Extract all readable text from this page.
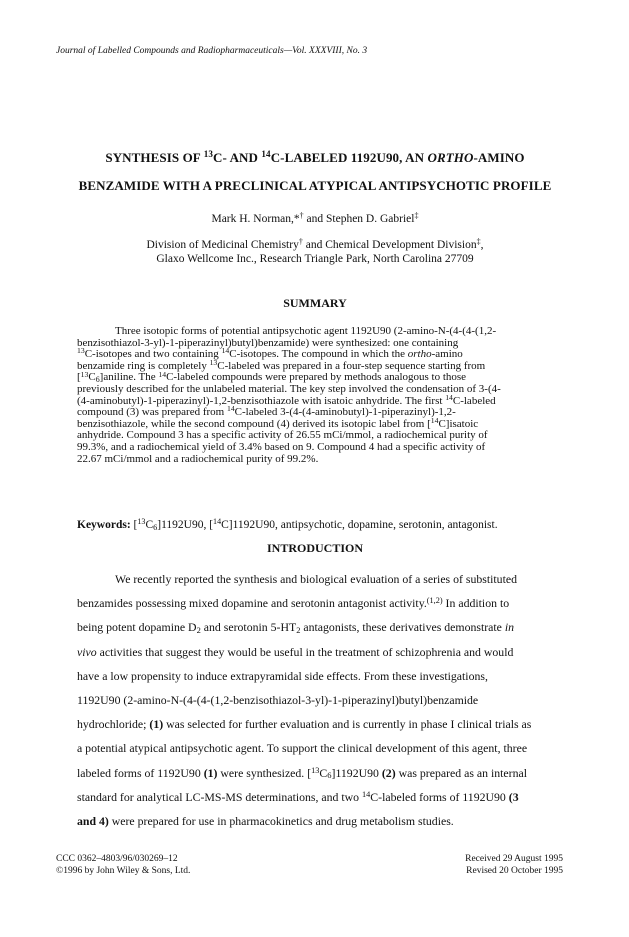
Journal of Labelled Compounds and Radiopharmaceuticals—Vol. XXXVIII, No. 3
SYNTHESIS OF $^{13}$C- AND $^{14}$C-LABELED 1192U90, AN ORTHO-AMINO
BENZAMIDE WITH A PRECLINICAL ATYPICAL ANTIPSYCHOTIC PROFILE
Mark H. Norman,*† and Stephen D. Gabriel‡
Division of Medicinal Chemistry† and Chemical Development Division‡,
Glaxo Wellcome Inc., Research Triangle Park, North Carolina 27709
SUMMARY
Three isotopic forms of potential antipsychotic agent 1192U90 (2-amino-N-(4-(4-(1,2-
benzisothiazol-3-yl)-1-piperazinyl)butyl)benzamide) were synthesized: one containing
$^{13}$C-isotopes and two containing $^{14}$C-isotopes. The compound in which the ortho-amino
benzamide ring is completely $^{13}$C-labeled was prepared in a four-step sequence starting from
$[^{13}C_6]aniline$. The $^{14}$C-labeled compounds were prepared by methods analogous to those
previously described for the unlabeled material. The key step involved the condensation of 3-(4-
(4-aminobutyl)-1-piperazinyl)-1,2-benzisothiazole with isatoic anhydride. The first $^{14}$C-labeled
compound (3) was prepared from $^{14}$C-labeled 3-(4-(4-aminobutyl)-1-piperazinyl)-1,2-
benzisothiazole, while the second compound (4) derived its isotopic label from [$^{14}$C]isatoic
anhydride. Compound 3 has a specific activity of 26.55 mCi/mmol, a radiochemical purity of
99.3%, and a radiochemical yield of 3.4% based on 9. Compound 4 had a specific activity of
22.67 mCi/mmol and a radiochemical purity of 99.2%.
Keywords: $[^{13}C_6]1192U90$, [$^{14}$C]1192U90, antipsychotic, dopamine, serotonin, antagonist.
INTRODUCTION
We recently reported the synthesis and biological evaluation of a series of substituted
benzamides possessing mixed dopamine and serotonin antagonist activity.$^{(1,2)}$ In addition to
being potent dopamine $D_2$ and serotonin $5-HT_2$ antagonists, these derivatives demonstrate in
vivo activities that suggest they would be useful in the treatment of schizophrenia and would
have a low propensity to induce extrapyramidal side effects. From these investigations,
1192U90 (2-amino-N-(4-(4-(1,2-benzisothiazol-3-yl)-1-piperazinyl)butyl)benzamide
hydrochloride; (1) was selected for further evaluation and is currently in phase I clinical trials as
a potential atypical antipsychotic agent. To support the clinical development of this agent, three
labeled forms of 1192U90 (1) were synthesized. $[^{13}C_6]1192U90$ (2) was prepared as an internal
standard for analytical LC-MS-MS determinations, and two $^{14}$C-labeled forms of 1192U90 (3
and 4) were prepared for use in pharmacokinetics and drug metabolism studies.
CCC 0362–4803/96/030269–12
©1996 by John Wiley & Sons, Ltd.
Received 29 August 1995
Revised 20 October 1995
